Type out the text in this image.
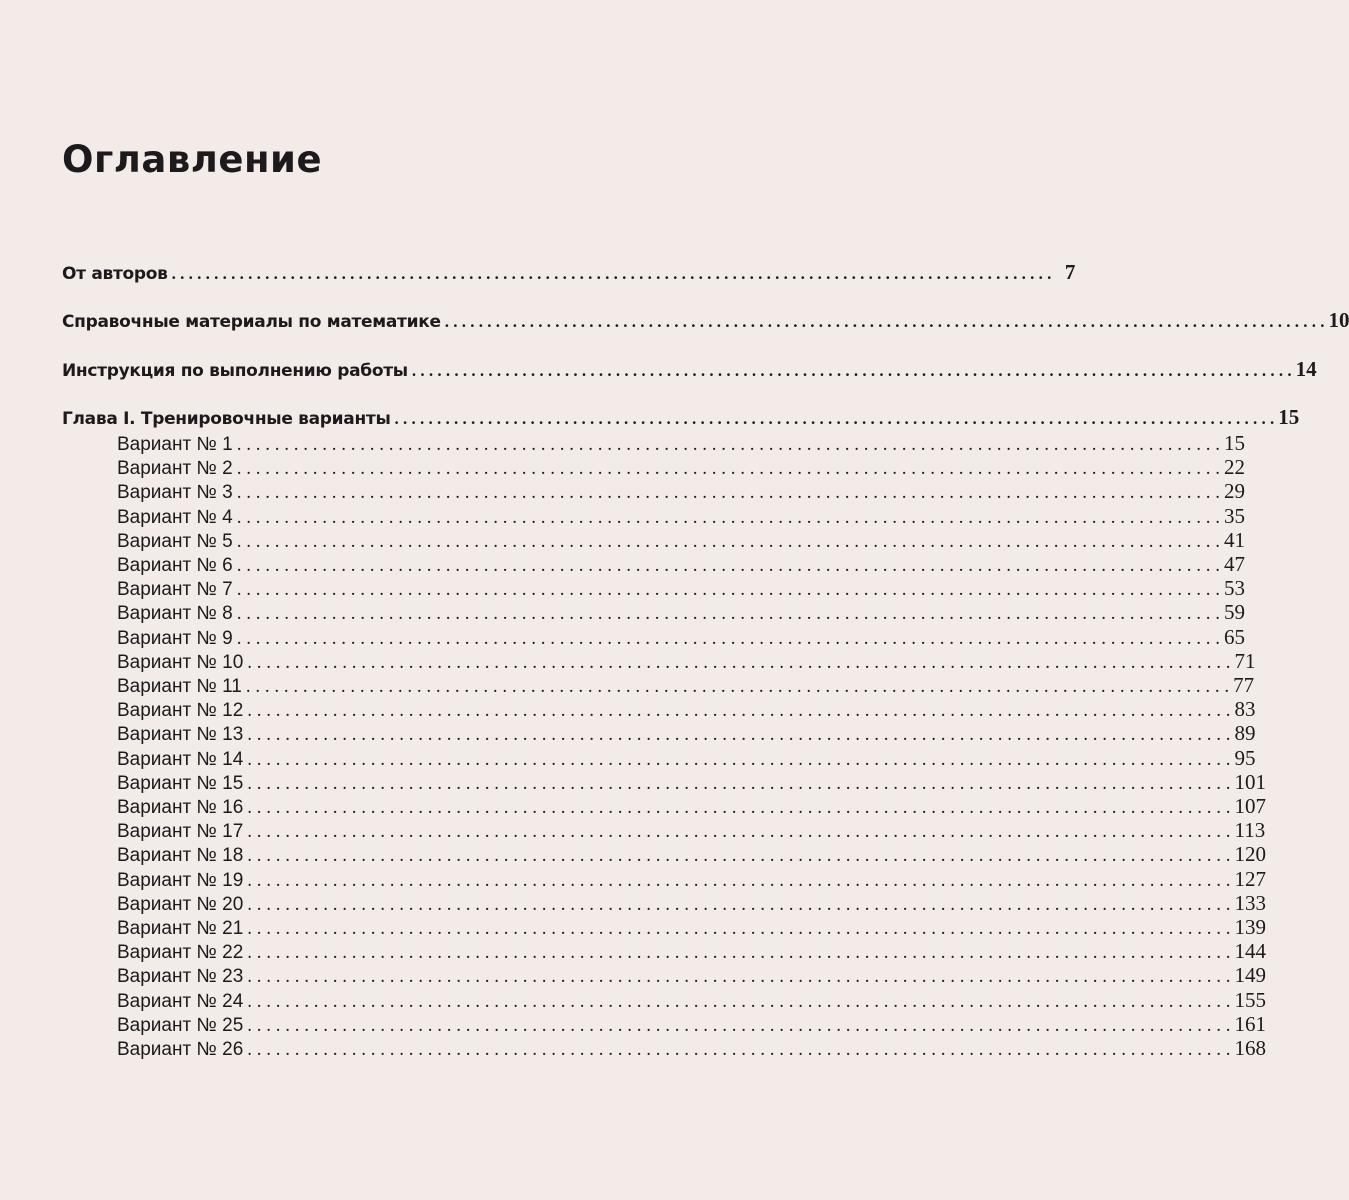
Оглавление
От авторов . . .	7
Справочные материалы по математике . . .	10
Инструкция по выполнению работы . . .	14
Глава I. Тренировочные варианты . . .	15
Вариант № 1 . . .	15
Вариант № 2 . . .	22
Вариант № 3 . . .	29
Вариант № 4 . . .	35
Вариант № 5 . . .	41
Вариант № 6 . . .	47
Вариант № 7 . . .	53
Вариант № 8 . . .	59
Вариант № 9 . . .	65
Вариант № 10 . . .	71
Вариант № 11 . . .	77
Вариант № 12 . . .	83
Вариант № 13 . . .	89
Вариант № 14 . . .	95
Вариант № 15 . . .	101
Вариант № 16 . . .	107
Вариант № 17 . . .	113
Вариант № 18 . . .	120
Вариант № 19 . . .	127
Вариант № 20 . . .	133
Вариант № 21 . . .	139
Вариант № 22 . . .	144
Вариант № 23 . . .	149
Вариант № 24 . . .	155
Вариант № 25 . . .	161
Вариант № 26 . . .	168
